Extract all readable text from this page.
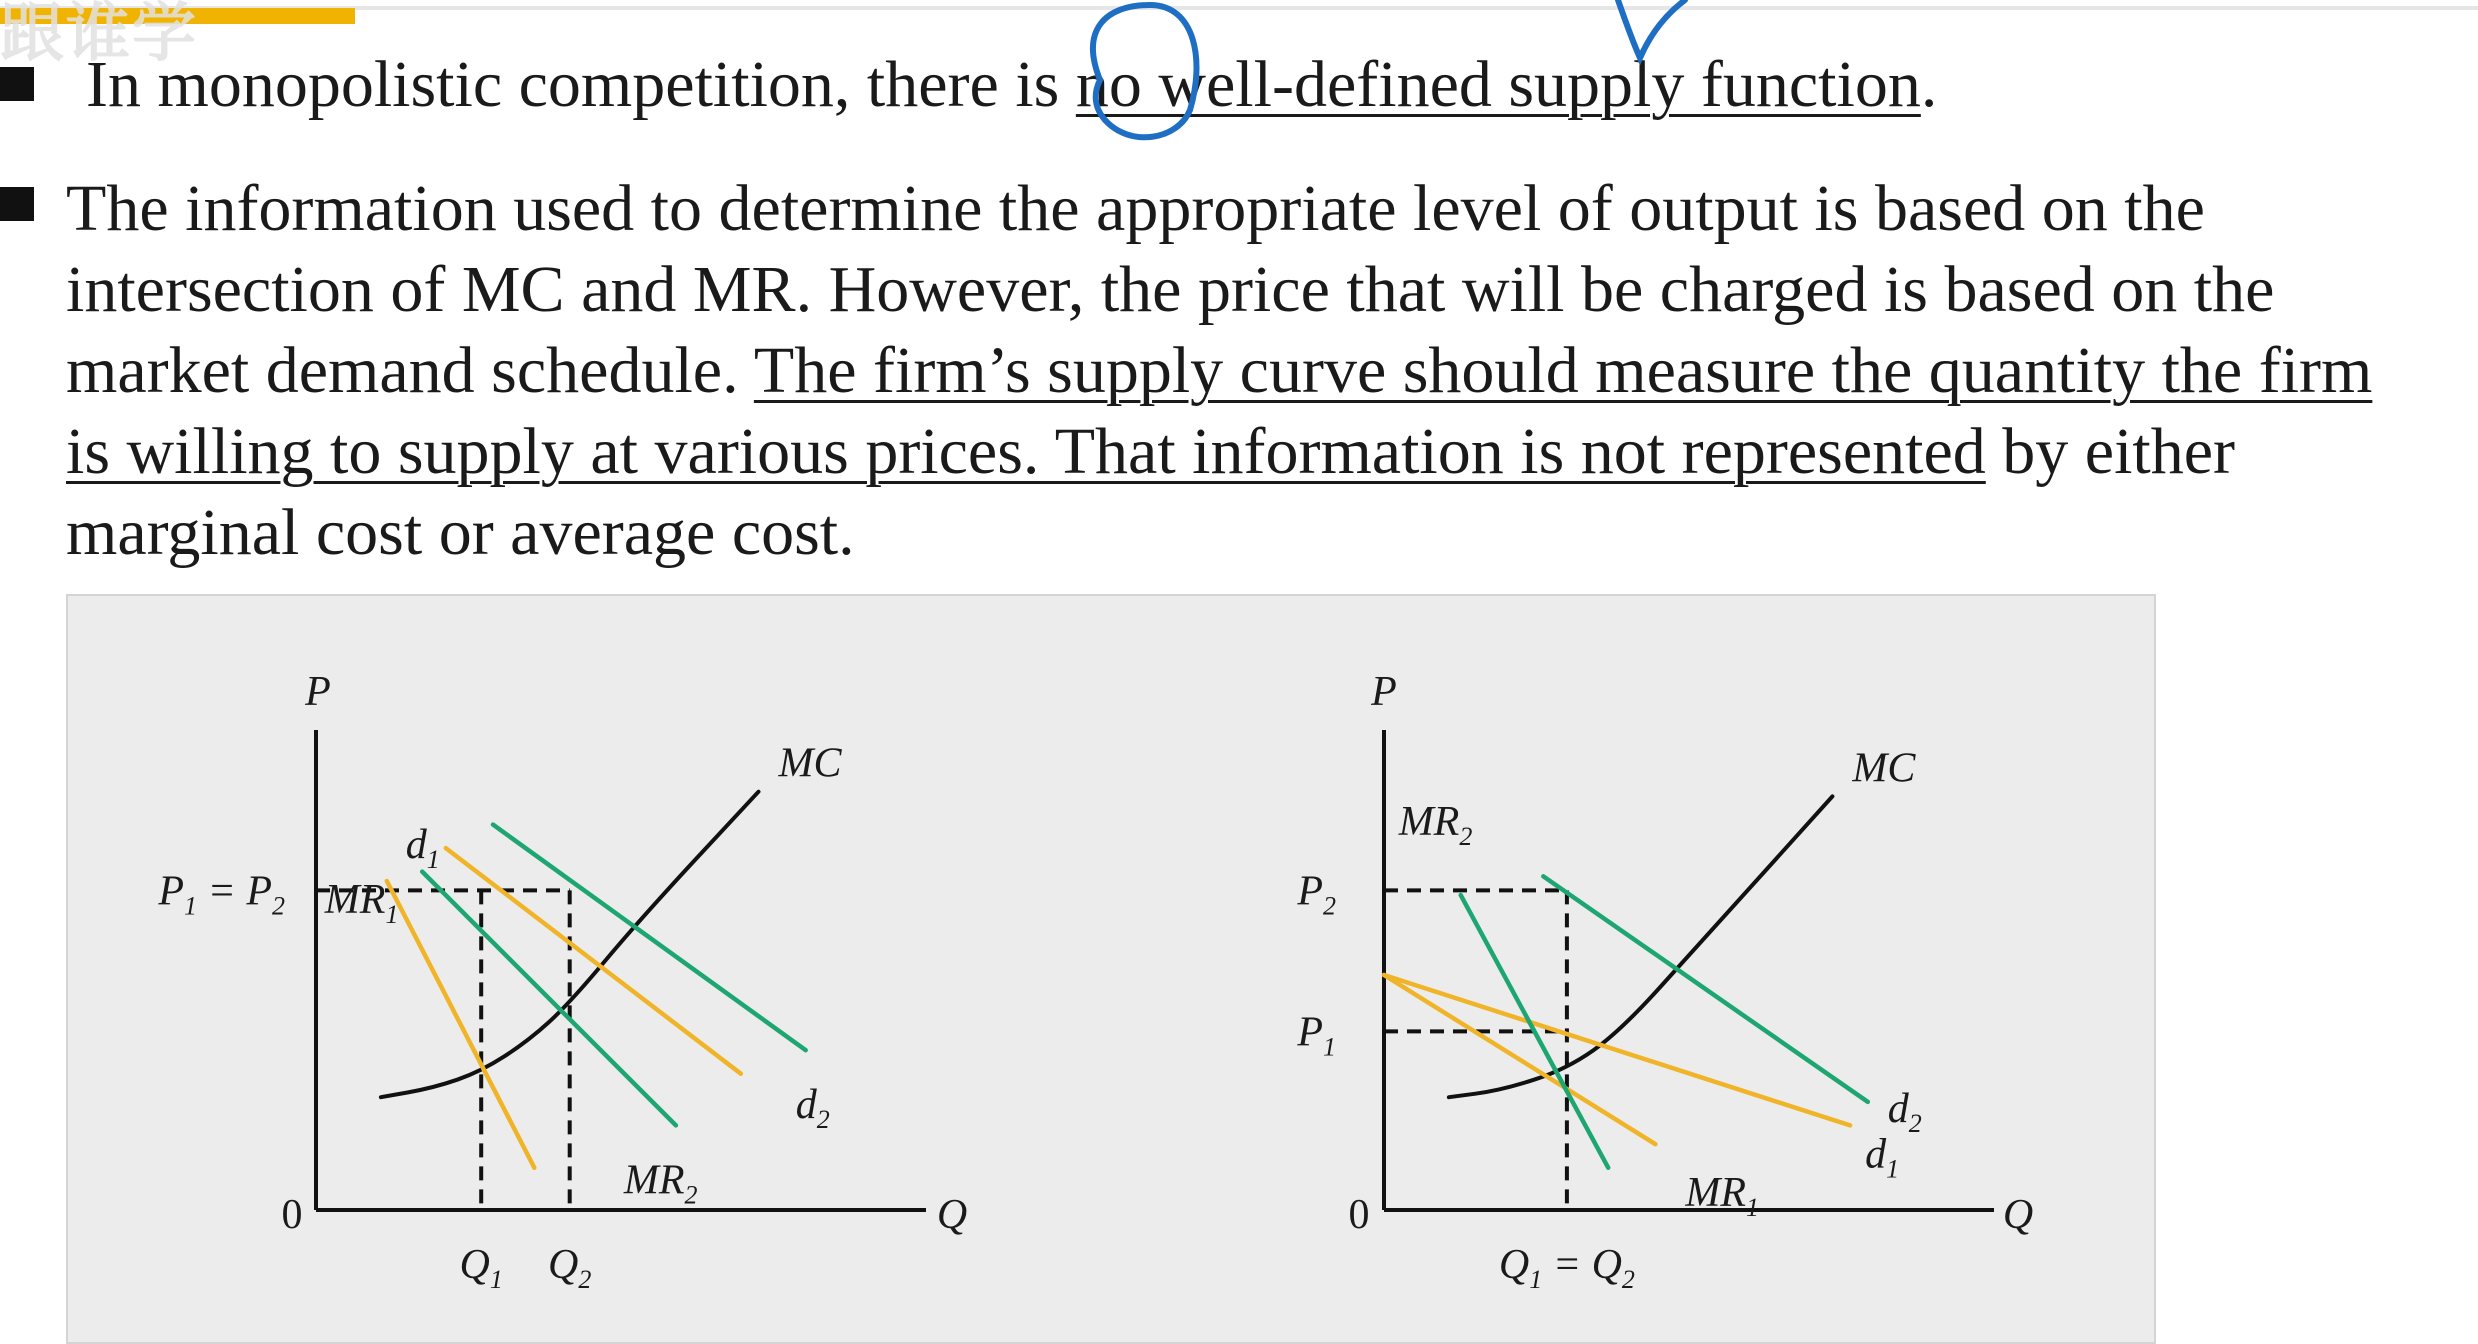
跟谁学
In monopolistic competition, there is no well-defined supply function.
The information used to determine the appropriate level of output is based on the
intersection of MC and MR. However, the price that will be charged is based on the
market demand schedule. The firm’s supply curve should measure the quantity the firm
is willing to supply at various prices. That information is not represented by either
marginal cost or average cost.
P
Q
0
MC
$MR_1$
$d_1$
$MR_2$
$d_2$
$P_1 = P_2$
$Q_1$ $Q_2$
P
Q
0
MC
$MR_1$
$d_1$
$MR_2$
$d_2$
$P_2$
$P_1$
$Q_1 = Q_2$
